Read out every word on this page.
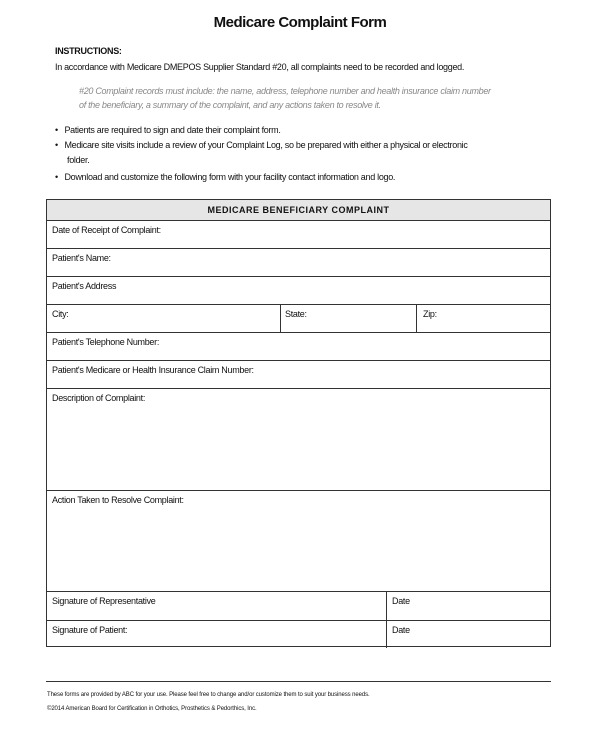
Medicare Complaint Form
INSTRUCTIONS:
In accordance with Medicare DMEPOS Supplier Standard #20, all complaints need to be recorded and logged.
#20 Complaint records must include: the name, address, telephone number and health insurance claim number
of the beneficiary, a summary of the complaint, and any actions taken to resolve it.
•   Patients are required to sign and date their complaint form.
•   Medicare site visits include a review of your Complaint Log, so be prepared with either a physical or electronic
folder.
•   Download and customize the following form with your facility contact information and logo.
MEDICARE BENEFICIARY COMPLAINT
Date of Receipt of Complaint:
Patient's Name:
Patient's Address
City:	State:	Zip:
Patient's Telephone Number:
Patient's Medicare or Health Insurance Claim Number:
Description of Complaint:
Action Taken to Resolve Complaint:
Signature of Representative	Date
Signature of Patient:	Date
These forms are provided by ABC for your use. Please feel free to change and/or customize them to suit your business needs.
©2014 American Board for Certification in Orthotics, Prosthetics & Pedorthics, Inc.
